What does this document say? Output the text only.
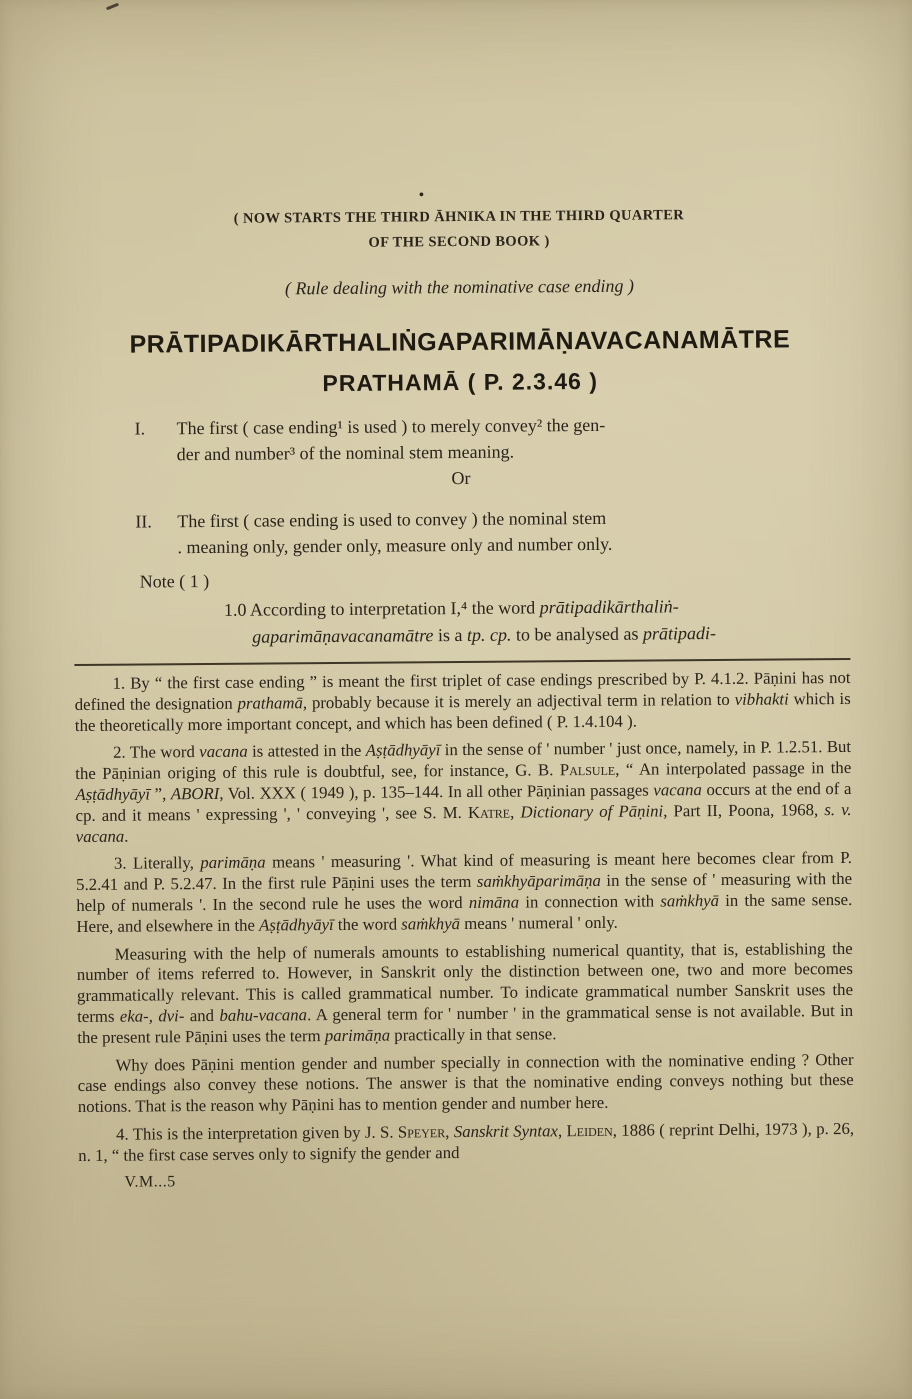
•
( NOW STARTS THE THIRD ĀHNIKA IN THE THIRD QUARTER
OF THE SECOND BOOK )
( Rule dealing with the nominative case ending )
PRĀTIPADIKĀRTHALIṄGAPARIMĀṆAVACANAMĀTRE
PRATHAMĀ ( P. 2.3.46 )
I.	The first ( case ending¹ is used ) to merely convey² the gen-
der and number³ of the nominal stem meaning.
Or
II.	The first ( case ending is used to convey ) the nominal stem
. meaning only, gender only, measure only and number only.
Note ( 1 )
1.0 According to interpretation I,⁴ the word prātipadikārthaliṅ-
gaparimāṇavacanamātre is a tp. cp. to be analysed as prātipadi-

1. By “ the first case ending ” is meant the first triplet of case endings prescribed by P. 4.1.2. Pāṇini has not defined the designation prathamā, probably because it is merely an adjectival term in relation to vibhakti which is the theoretically more important concept, and which has been defined ( P. 1.4.104 ).

2. The word vacana is attested in the Aṣṭādhyāyī in the sense of ' number ' just once, namely, in P. 1.2.51. But the Pāṇinian origing of this rule is doubtful, see, for instance, G. B. Palsule, “ An interpolated passage in the Aṣṭādhyāyī ”, ABORI, Vol. XXX ( 1949 ), p. 135–144. In all other Pāṇinian passages vacana occurs at the end of a cp. and it means ' expressing ', ' conveying ', see S. M. Katre, Dictionary of Pāṇini, Part II, Poona, 1968, s. v. vacana.

3. Literally, parimāṇa means ' measuring '. What kind of measuring is meant here becomes clear from P. 5.2.41 and P. 5.2.47. In the first rule Pāṇini uses the term saṁkhyāparimāṇa in the sense of ' measuring with the help of numerals '. In the second rule he uses the word nimāna in connection with saṁkhyā in the same sense. Here, and elsewhere in the Aṣṭādhyāyī the word saṁkhyā means ' numeral ' only.

Measuring with the help of numerals amounts to establishing numerical quantity, that is, establishing the number of items referred to. However, in Sanskrit only the distinction between one, two and more becomes grammatically relevant. This is called grammatical number. To indicate grammatical number Sanskrit uses the terms eka-, dvi- and bahu-vacana. A general term for ' number ' in the grammatical sense is not available. But in the present rule Pāṇini uses the term parimāṇa practically in that sense.

Why does Pāṇini mention gender and number specially in connection with the nominative ending ? Other case endings also convey these notions. The answer is that the nominative ending conveys nothing but these notions. That is the reason why Pāṇini has to mention gender and number here.

4. This is the interpretation given by J. S. Speyer, Sanskrit Syntax, Leiden, 1886 ( reprint Delhi, 1973 ), p. 26, n. 1, “ the first case serves only to signify the gender and

V.M...5
